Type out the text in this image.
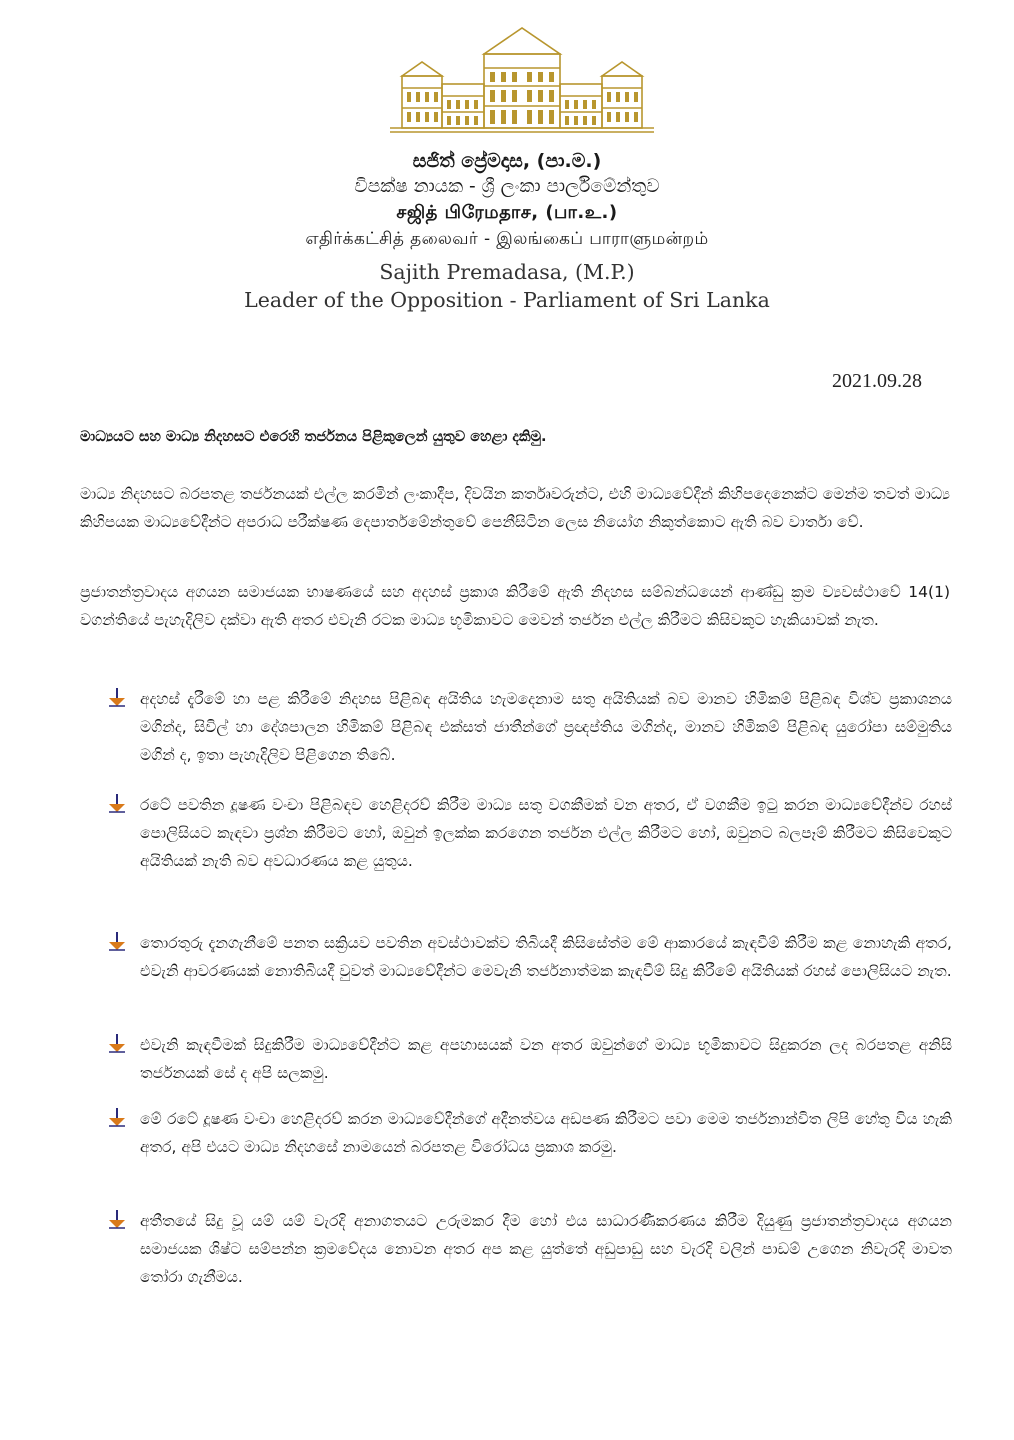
සජිත් ප්‍රේමදාස, (පා.ම.)

විපක්ෂ නායක - ශ්‍රී ලංකා පාර්ලිමේන්තුව

சஜித் பிரேமதாச, (பா.உ.)

எதிர்க்கட்சித் தலைவர் - இலங்கைப் பாராளுமன்றம்

Sajith Premadasa, (M.P.)

Leader of the Opposition - Parliament of Sri Lanka

2021.09.28
මාධ්‍යයට සහ මාධ්‍ය නිදහසට එරෙහි තර්ජනය පිළිකුලෙන් යුතුව හෙළා දකිමු.

මාධ්‍ය නිදහසට බරපතළ තර්ජනයක් එල්ල කරමින් ලංකාදීප, දිවයින කර්තෘවරුන්ට, එහි මාධ්‍යවේදීන් කිහිපදෙනෙක්ට මෙන්ම තවත් මාධ්‍ය කිහිපයක මාධ්‍යවේදීන්ට අපරාධ පරීක්ෂණ දෙපාර්තමේන්තුවේ පෙනීසිටින ලෙස නියෝග නිකුත්කොට ඇති බව වාර්තා වේ.

ප්‍රජාතන්ත්‍රවාදය අගයන සමාජයක භාෂණයේ සහ අදහස් ප්‍රකාශ කිරීමේ ඇති නිදහස සම්බන්ධයෙන් ආණ්ඩු ක්‍රම ව්‍යවස්ථාවේ 14(1) වගන්තියේ පැහැදිලිව දක්වා ඇති අතර එවැනි රටක මාධ්‍ය භූමිකාවට මෙවන් තර්ජන එල්ල කිරීමට කිසිවකුට හැකියාවක් නැත.

අදහස් දැරීමේ හා පළ කිරීමේ නිදහස පිළිබඳ අයිතිය හැමදෙනාම සතු අයිතියක් බව මානව හිමිකම් පිළිබඳ විශ්ව ප්‍රකාශනය මගින්ද, සිවිල් හා දේශපාලන හිමිකම් පිළිබඳ එක්සත් ජාතීන්ගේ ප්‍රඥප්තිය මගින්ද, මානව හිමිකම් පිළිබඳ යුරෝපා සම්මුතිය මගින් ද, ඉතා පැහැදිලිව පිළිගෙන තිබේ.

රටේ පවතින දූෂණ වංචා පිළිබඳව හෙළිදරව් කිරීම මාධ්‍ය සතු වගකීමක් වන අතර, ඒ වගකීම ඉටු කරන මාධ්‍යවේදීන්ව රහස් පොලිසියට කැඳවා ප්‍රශ්න කිරීමට හෝ, ඔවුන් ඉලක්ක කරගෙන තර්ජන එල්ල කිරීමට හෝ, ඔවුනට බලපෑම් කිරීමට කිසිවෙකුට අයිතියක් නැති බව අවධාරණය කළ යුතුය.

තොරතුරු දැනගැනීමේ පනත සක්‍රියව පවතින අවස්ථාවක්ව තිබියදී කිසිසේත්ම මේ ආකාරයේ කැඳවීම් කිරීම කළ නොහැකි අතර, එවැනි ආවරණයක් නොතිබියදී වුවත් මාධ්‍යවේදීන්ට මෙවැනි තර්ජනාත්මක කැඳවීම් සිදු කිරීමේ අයිතියක් රහස් පොලිසියට නැත.

එවැනි කැඳවීමක් සිදුකිරීම මාධ්‍යවේදීන්ට කළ අපහාසයක් වන අතර ඔවුන්ගේ මාධ්‍ය භූමිකාවට සිදුකරන ලද බරපතළ අනිසි තර්ජනයක් සේ ද අපි සලකමු.

මේ රටේ දූෂණ වංචා හෙළිදරව් කරන මාධ්‍යවේදීන්ගේ අදීනත්වය අඩපණ කිරීමට පවා මෙම තර්ජනාන්විත ලිපි හේතු විය හැකි අතර, අපි එයට මාධ්‍ය නිදහසේ නාමයෙන් බරපතළ විරෝධය ප්‍රකාශ කරමු.

අතීතයේ සිදු වූ යම් යම් වැරදි අනාගතයට උරුමකර දීම හෝ එය සාධාරණීකරණය කිරීම දියුණු ප්‍රජාතන්ත්‍රවාදය අගයන සමාජයක ශිෂ්ට සම්පන්න ක්‍රමවේදය නොවන අතර අප කළ යුත්තේ අඩුපාඩු සහ වැරදි වලින් පාඩම් උගෙන නිවැරදි මාවත තෝරා ගැනීමය.
